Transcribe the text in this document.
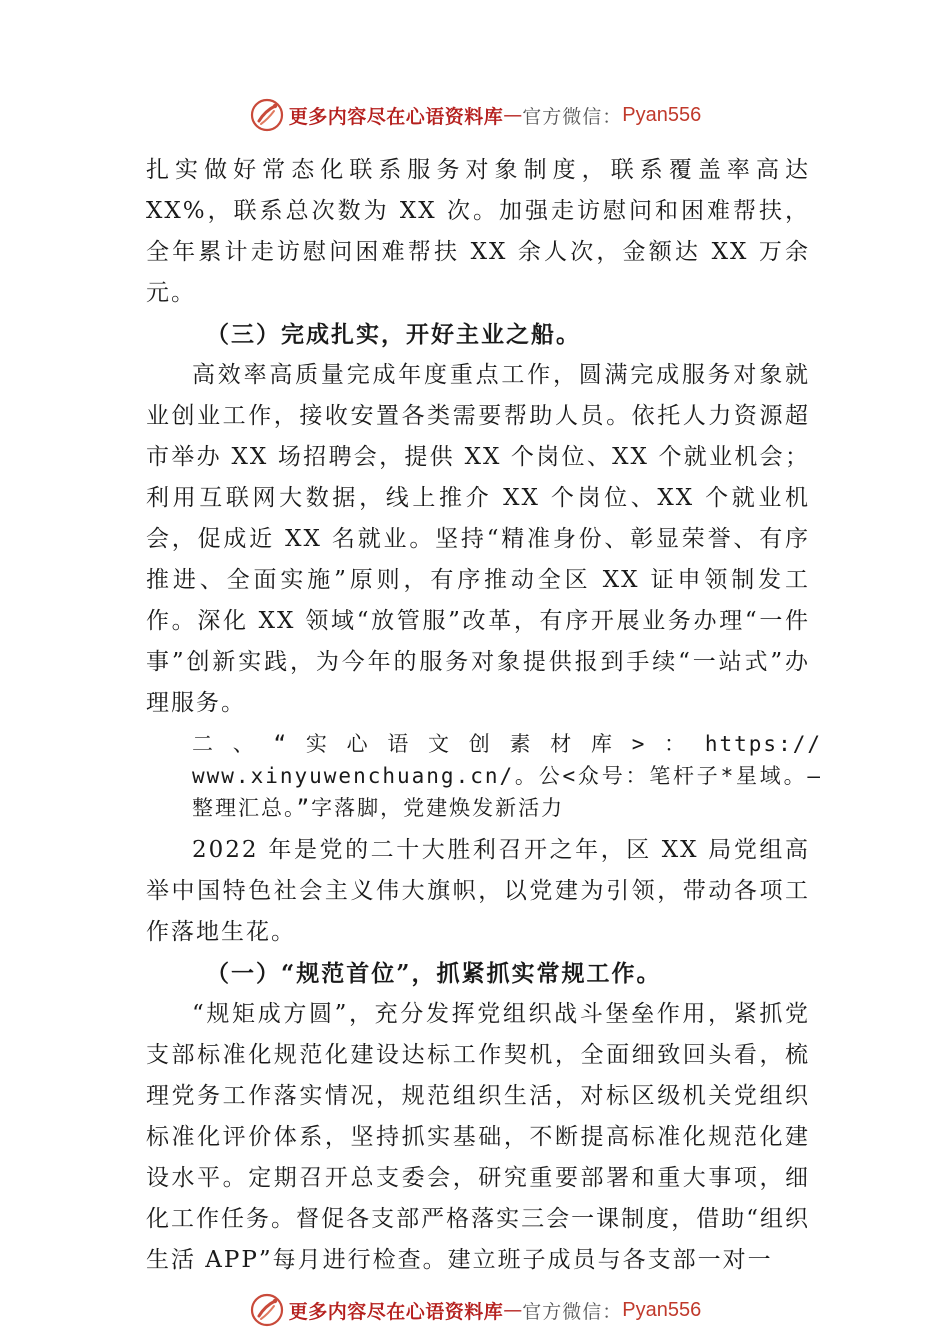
更多内容尽在心语资料库 — 官方微信： Pyan556

扎实做好常态化联系服务对象制度，联系覆盖率高达 XX%，联系总次数为 XX 次。加强走访慰问和困难帮扶，全年累计走访慰问困难帮扶 XX 余人次，金额达 XX 万余元。

（三）完成扎实，开好主业之船。

高效率高质量完成年度重点工作，圆满完成服务对象就业创业工作，接收安置各类需要帮助人员。依托人力资源超市举办 XX 场招聘会，提供 XX 个岗位、XX 个就业机会；利用互联网大数据，线上推介 XX 个岗位、XX 个就业机会，促成近 XX 名就业。坚持“精准身份、彰显荣誉、有序推进、全面实施”原则，有序推动全区 XX 证申领制发工作。深化 XX 领域“放管服”改革，有序开展业务办理“一件事”创新实践，为今年的服务对象提供报到手续“一站式”办理服务。

二、“实心语文创素材库>：https:// www.xinyuwenchuang.cn/。公<众号：笔杆子*星域。—整理汇总。”字落脚，党建焕发新活力

2022 年是党的二十大胜利召开之年，区 XX 局党组高举中国特色社会主义伟大旗帜，以党建为引领，带动各项工作落地生花。

（一）“规范首位”，抓紧抓实常规工作。

“规矩成方圆”，充分发挥党组织战斗堡垒作用，紧抓党支部标准化规范化建设达标工作契机，全面细致回头看，梳理党务工作落实情况，规范组织生活，对标区级机关党组织标准化评价体系，坚持抓实基础，不断提高标准化规范化建设水平。定期召开总支委会，研究重要部署和重大事项，细化工作任务。督促各支部严格落实三会一课制度，借助“组织生活 APP”每月进行检查。建立班子成员与各支部一对一

更多内容尽在心语资料库 — 官方微信： Pyan556
